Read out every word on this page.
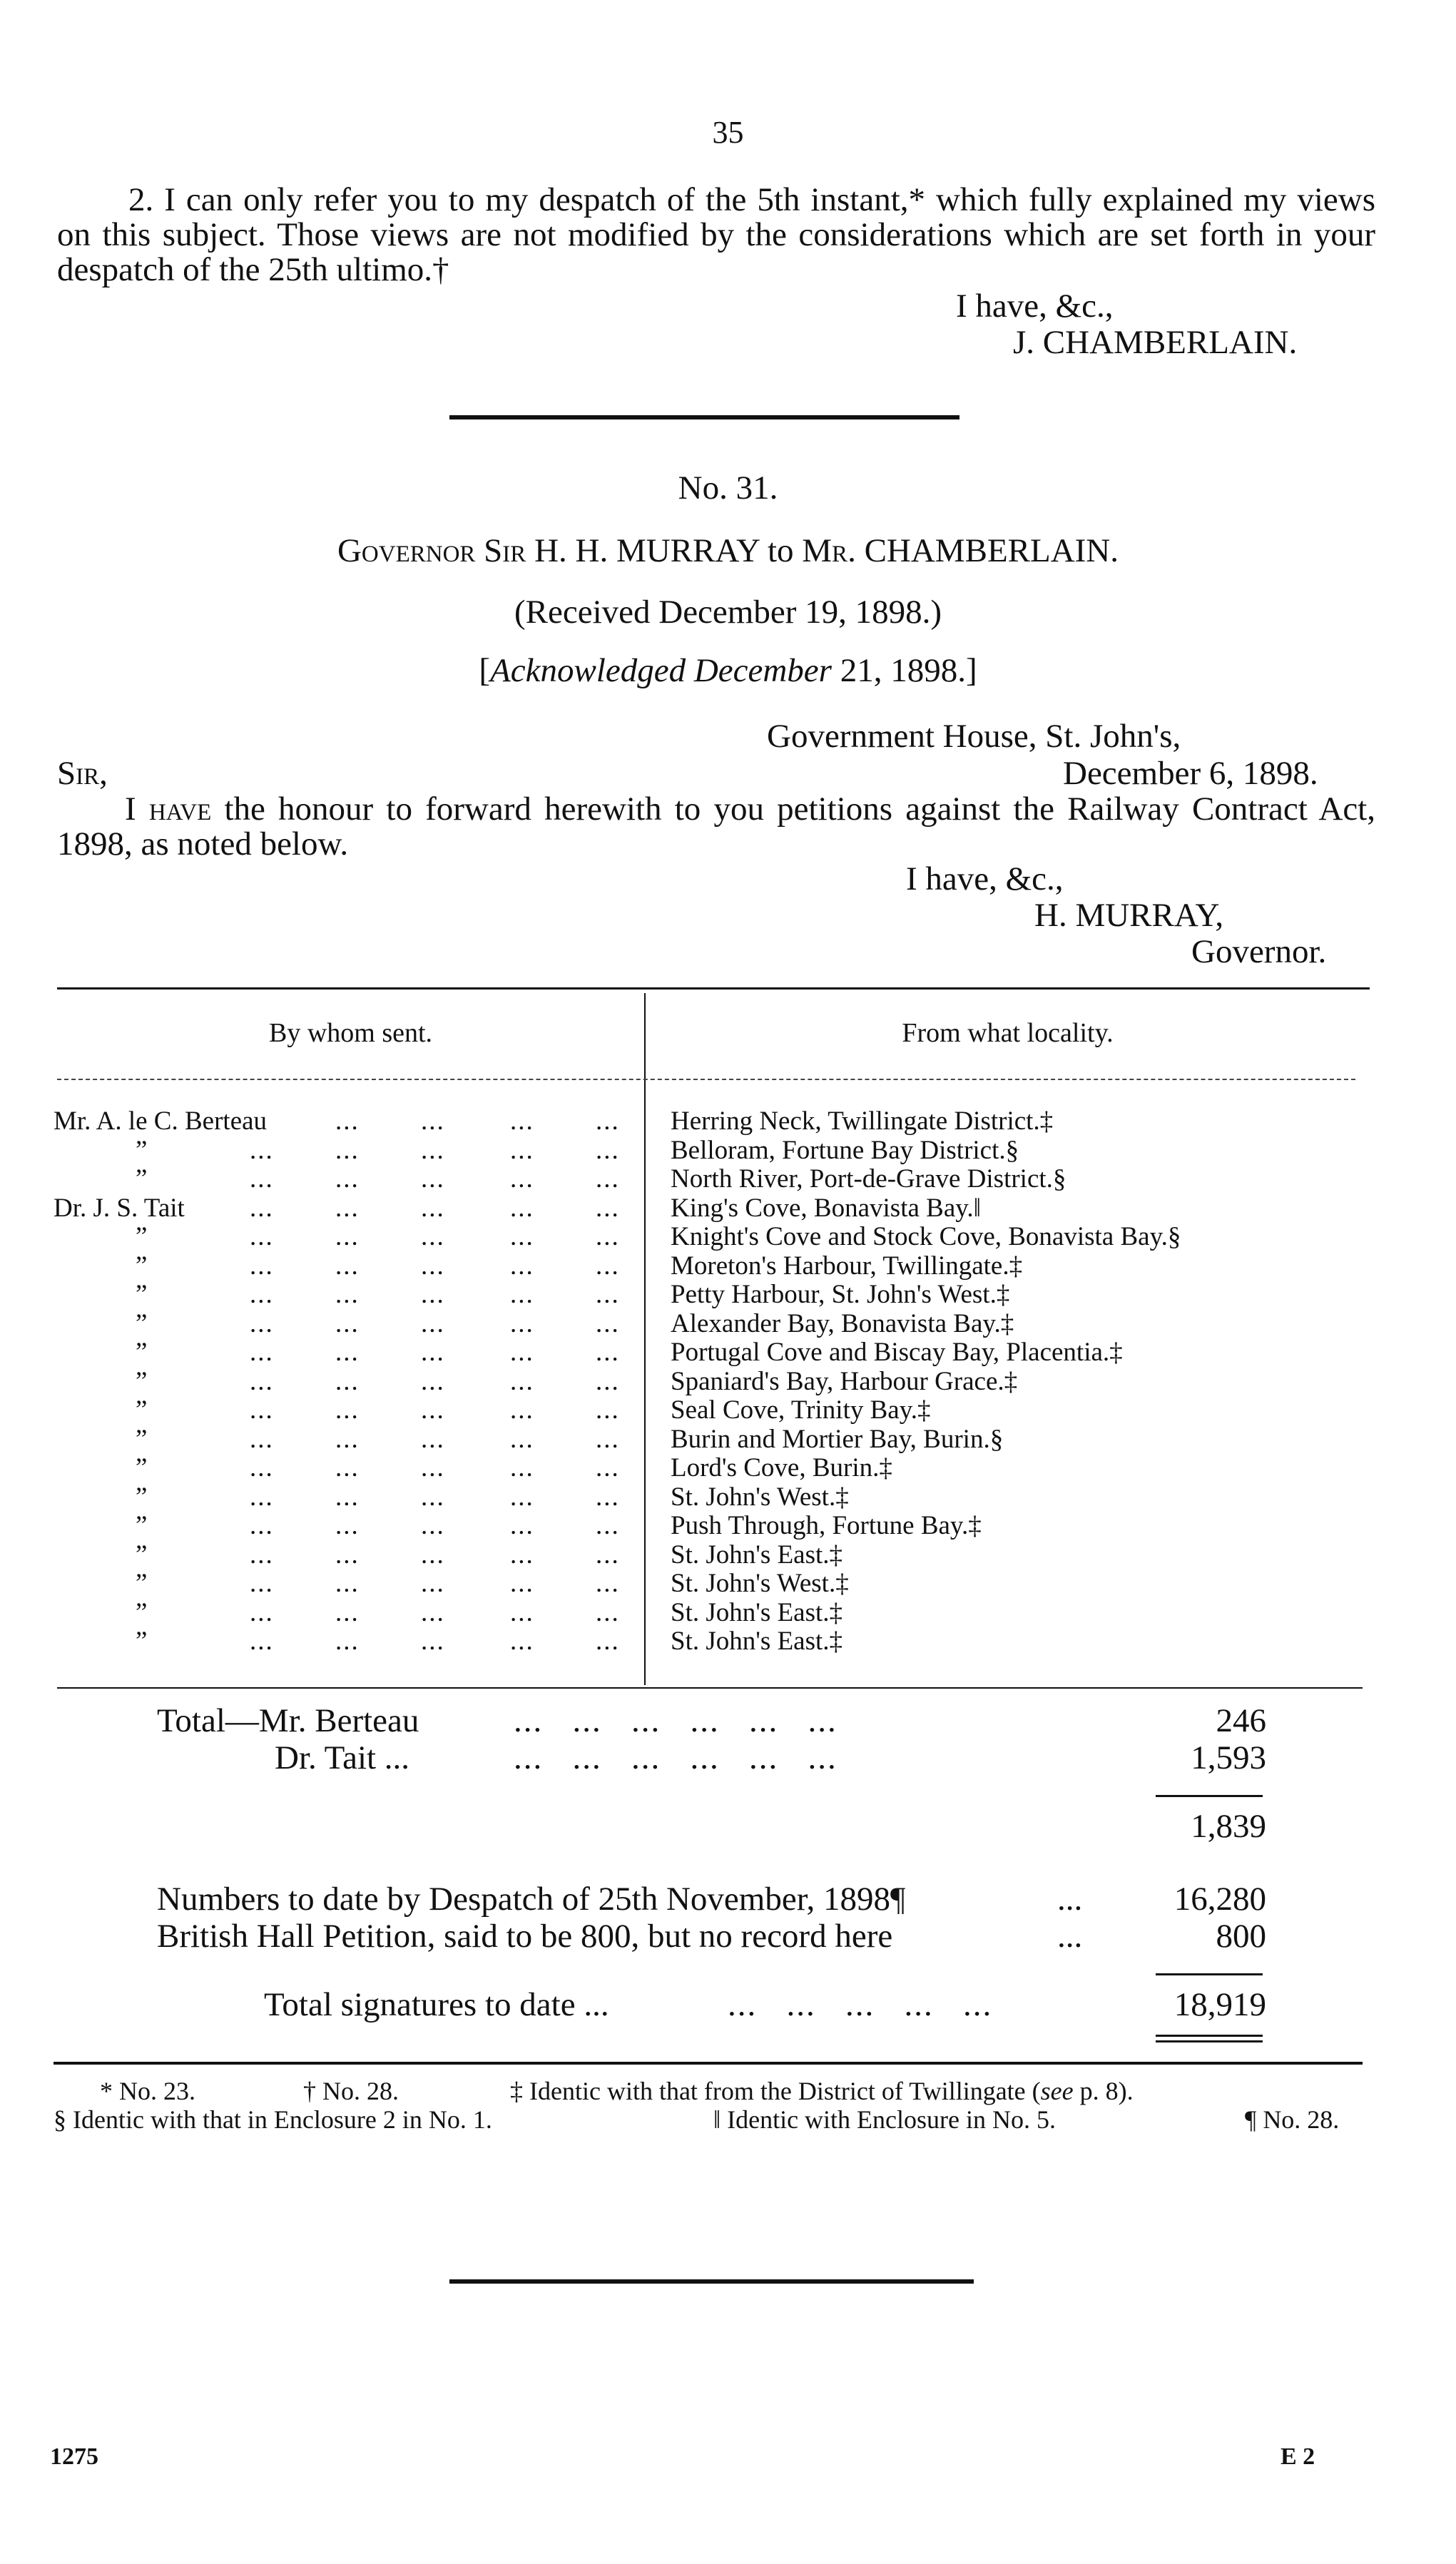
35

2. I can only refer you to my despatch of the 5th instant,* which fully explained my views on this subject. Those views are not modified by the considerations which are set forth in your despatch of the 25th ultimo.†

I have, &c.,
J. CHAMBERLAIN.
No. 31.
Governor Sir H. H. MURRAY to Mr. CHAMBERLAIN.
(Received December 19, 1898.)
[Acknowledged December 21, 1898.]
Government House, St. John's,
December 6, 1898.
Sir,

I have the honour to forward herewith to you petitions against the Railway Contract Act, 1898, as noted below.

I have, &c.,
H. MURRAY,
Governor.
By whom sent.	From what locality.
Mr. A. le C. Berteau	... ... ... ... Herring Neck, Twillingate District.‡
”	... ... ... ... ... Belloram, Fortune Bay District.§
”	... ... ... ... ... North River, Port-de-Grave District.§
Dr. J. S. Tait ... ... ... ... ... King's Cove, Bonavista Bay.‖
”	... ... ... ... ... Knight's Cove and Stock Cove, Bonavista Bay.§
”	... ... ... ... ... Moreton's Harbour, Twillingate.‡
”	... ... ... ... ... Petty Harbour, St. John's West.‡
”	... ... ... ... ... Alexander Bay, Bonavista Bay.‡
”	... ... ... ... ... Portugal Cove and Biscay Bay, Placentia.‡
”	... ... ... ... ... Spaniard's Bay, Harbour Grace.‡
”	... ... ... ... ... Seal Cove, Trinity Bay.‡
”	... ... ... ... ... Burin and Mortier Bay, Burin.§
”	... ... ... ... ... Lord's Cove, Burin.‡
”	... ... ... ... ... St. John's West.‡
”	... ... ... ... ... Push Through, Fortune Bay.‡
”	... ... ... ... ... St. John's East.‡
”	... ... ... ... ... St. John's West.‡
”	... ... ... ... ... St. John's East.‡
”	... ... ... ... ... St. John's East.‡
Total—Mr. Berteau	...   ...   ...   ...   ...   ...	246
Dr. Tait ...	...   ...   ...   ...   ...   ...	1,593
1,839
Numbers to date by Despatch of 25th November, 1898¶	...	16,280
British Hall Petition, said to be 800, but no record here	...	800
Total signatures to date ...	...   ...   ...   ...   ...	18,919
* No. 23.	† No. 28.	‡ Identic with that from the District of Twillingate (see p. 8).
§ Identic with that in Enclosure 2 in No. 1.	‖ Identic with Enclosure in No. 5.	¶ No. 28.
1275	E 2
